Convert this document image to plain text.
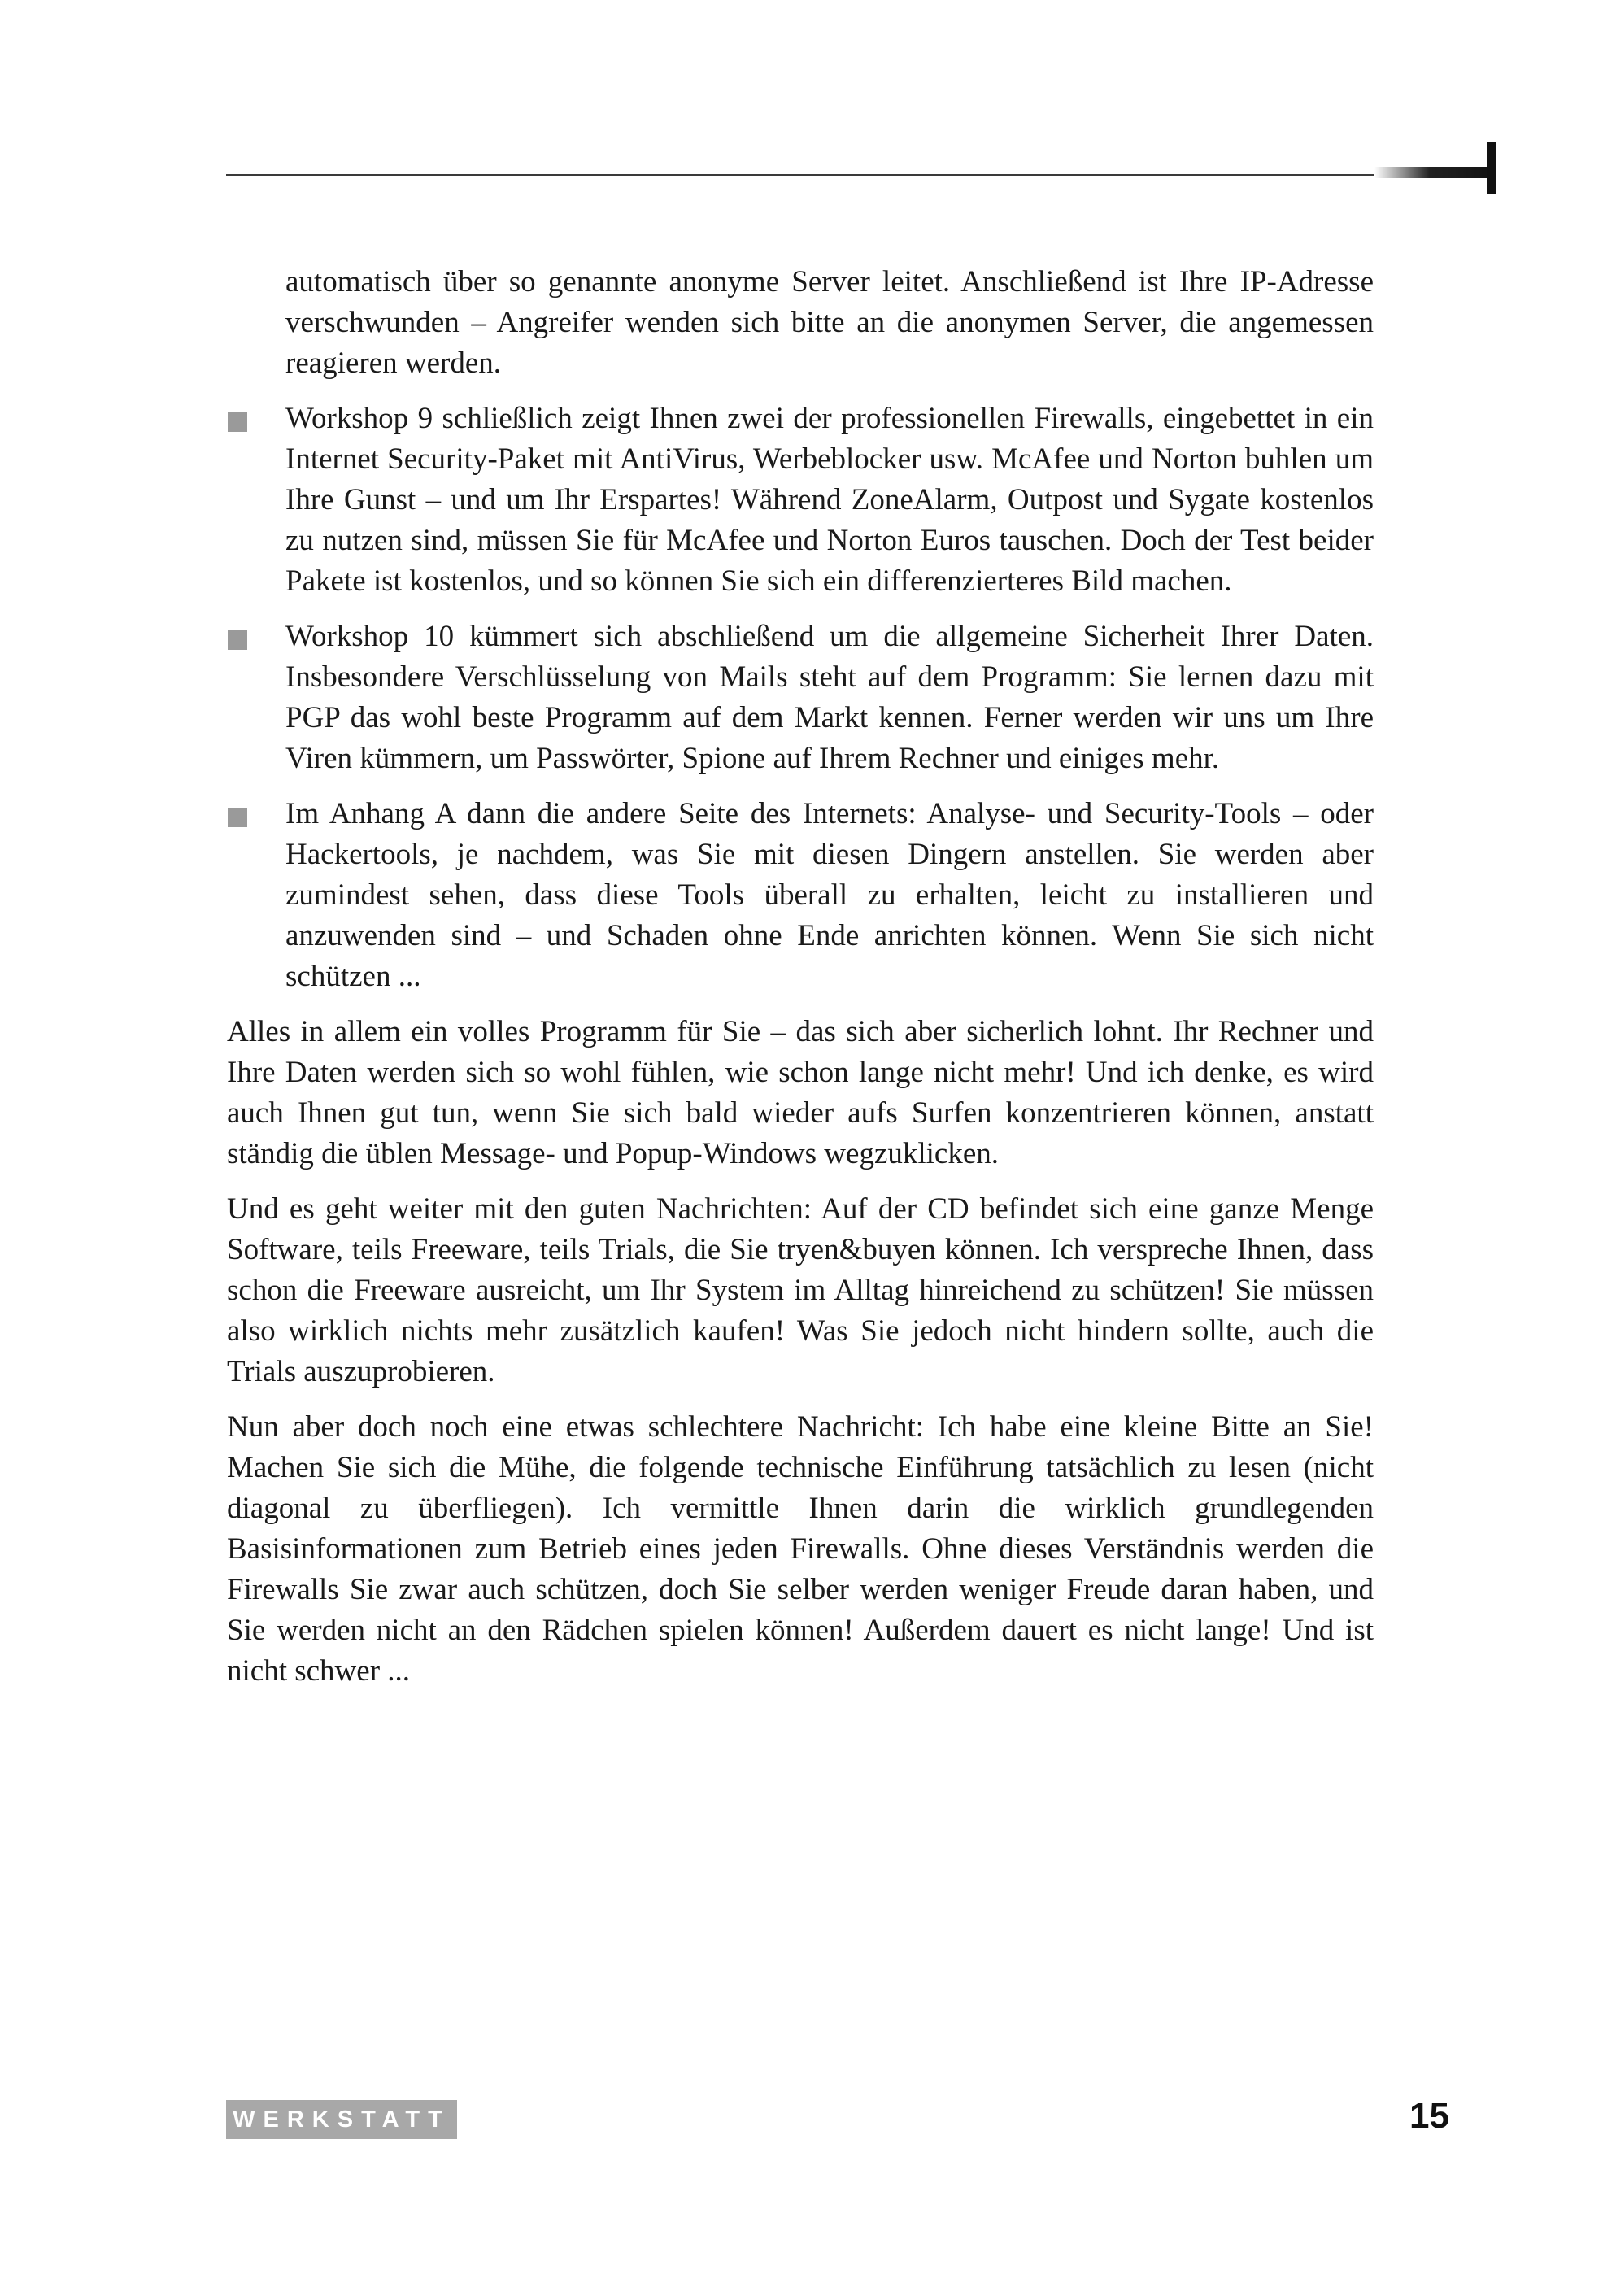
automatisch über so genannte anonyme Server leitet. Anschließend ist Ihre IP-Adresse verschwunden – Angreifer wenden sich bitte an die anonymen Server, die angemessen reagieren werden.

Workshop 9 schließlich zeigt Ihnen zwei der professionellen Firewalls, eingebettet in ein Internet Security-Paket mit AntiVirus, Werbeblocker usw. McAfee und Norton buhlen um Ihre Gunst – und um Ihr Erspartes! Während ZoneAlarm, Outpost und Sygate kostenlos zu nutzen sind, müssen Sie für McAfee und Norton Euros tauschen. Doch der Test beider Pakete ist kostenlos, und so können Sie sich ein differenzierteres Bild machen.
Workshop 10 kümmert sich abschließend um die allgemeine Sicherheit Ihrer Daten. Insbesondere Verschlüsselung von Mails steht auf dem Programm: Sie lernen dazu mit PGP das wohl beste Programm auf dem Markt kennen. Ferner werden wir uns um Ihre Viren kümmern, um Passwörter, Spione auf Ihrem Rechner und einiges mehr.
Im Anhang A dann die andere Seite des Internets: Analyse- und Security-Tools – oder Hackertools, je nachdem, was Sie mit diesen Dingern anstellen. Sie werden aber zumindest sehen, dass diese Tools überall zu erhalten, leicht zu installieren und anzuwenden sind – und Schaden ohne Ende anrichten können. Wenn Sie sich nicht schützen ...

Alles in allem ein volles Programm für Sie – das sich aber sicherlich lohnt. Ihr Rechner und Ihre Daten werden sich so wohl fühlen, wie schon lange nicht mehr! Und ich denke, es wird auch Ihnen gut tun, wenn Sie sich bald wieder aufs Surfen konzentrieren können, anstatt ständig die üblen Message- und Popup-Windows wegzuklicken.

Und es geht weiter mit den guten Nachrichten: Auf der CD befindet sich eine ganze Menge Software, teils Freeware, teils Trials, die Sie tryen&buyen können. Ich verspreche Ihnen, dass schon die Freeware ausreicht, um Ihr System im Alltag hinreichend zu schützen! Sie müssen also wirklich nichts mehr zusätzlich kaufen! Was Sie jedoch nicht hindern sollte, auch die Trials auszuprobieren.

Nun aber doch noch eine etwas schlechtere Nachricht: Ich habe eine kleine Bitte an Sie! Machen Sie sich die Mühe, die folgende technische Einführung tatsächlich zu lesen (nicht diagonal zu überfliegen). Ich vermittle Ihnen darin die wirklich grundlegenden Basisinformationen zum Betrieb eines jeden Firewalls. Ohne dieses Verständnis werden die Firewalls Sie zwar auch schützen, doch Sie selber werden weniger Freude daran haben, und Sie werden nicht an den Rädchen spielen können! Außerdem dauert es nicht lange! Und ist nicht schwer ...

WERKSTATT	15
